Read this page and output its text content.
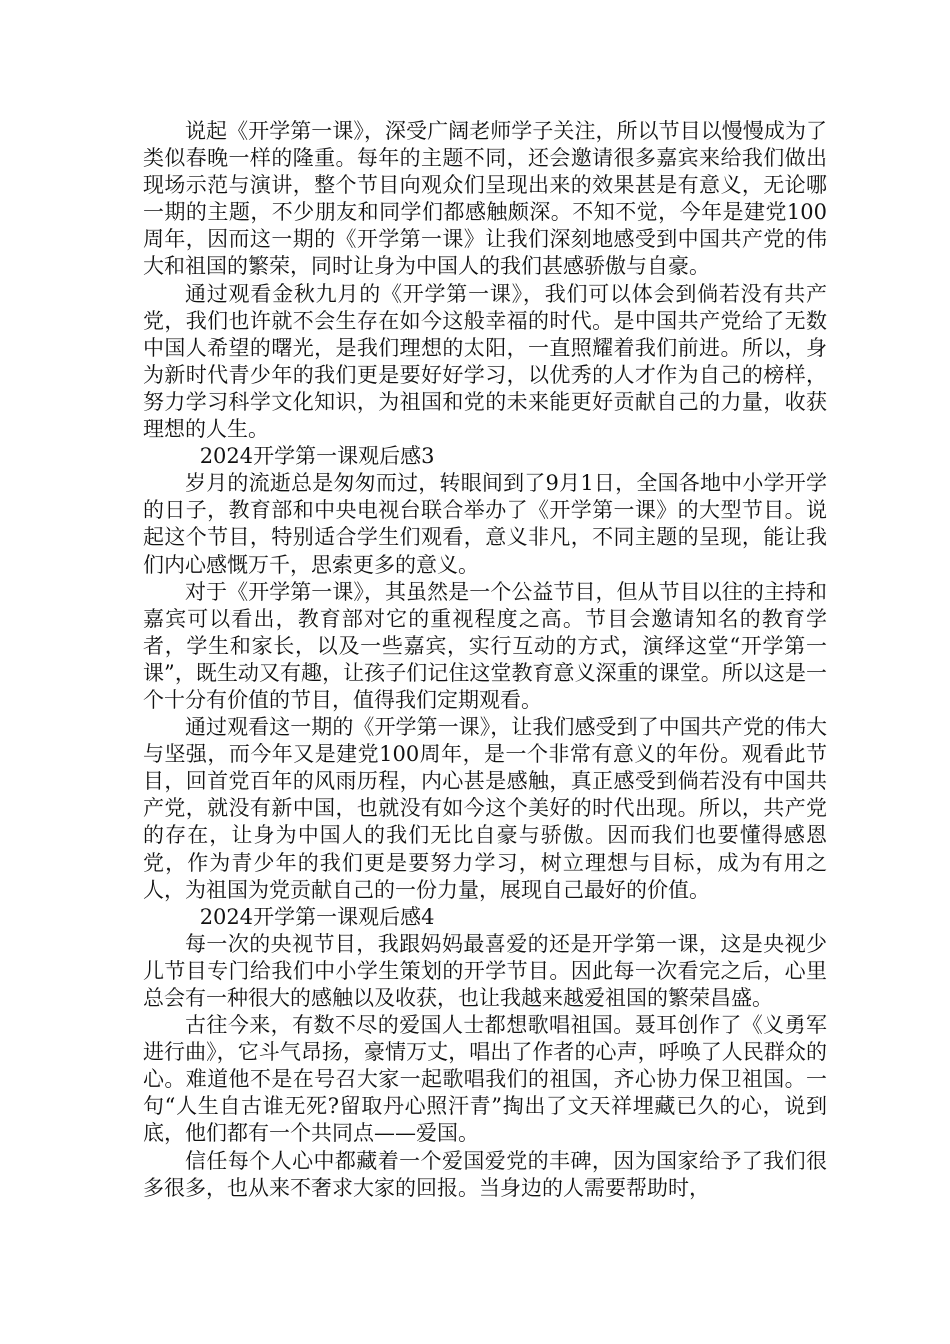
说起《开学第一课》，深受广阔老师学子关注，所以节目以慢慢成为了类似春晚一样的隆重。每年的主题不同，还会邀请很多嘉宾来给我们做出现场示范与演讲，整个节目向观众们呈现出来的效果甚是有意义，无论哪一期的主题，不少朋友和同学们都感触颇深。不知不觉，今年是建党100周年，因而这一期的《开学第一课》让我们深刻地感受到中国共产党的伟大和祖国的繁荣，同时让身为中国人的我们甚感骄傲与自豪。

通过观看金秋九月的《开学第一课》，我们可以体会到倘若没有共产党，我们也许就不会生存在如今这般幸福的时代。是中国共产党给了无数中国人希望的曙光，是我们理想的太阳，一直照耀着我们前进。所以，身为新时代青少年的我们更是要好好学习，以优秀的人才作为自己的榜样，努力学习科学文化知识，为祖国和党的未来能更好贡献自己的力量，收获理想的人生。

2024开学第一课观后感3

岁月的流逝总是匆匆而过，转眼间到了9月1日，全国各地中小学开学的日子，教育部和中央电视台联合举办了《开学第一课》的大型节目。说起这个节目，特别适合学生们观看，意义非凡，不同主题的呈现，能让我们内心感慨万千，思索更多的意义。

对于《开学第一课》，其虽然是一个公益节目，但从节目以往的主持和嘉宾可以看出，教育部对它的重视程度之高。节目会邀请知名的教育学者，学生和家长，以及一些嘉宾，实行互动的方式，演绎这堂“开学第一课”，既生动又有趣，让孩子们记住这堂教育意义深重的课堂。所以这是一个十分有价值的节目，值得我们定期观看。

通过观看这一期的《开学第一课》，让我们感受到了中国共产党的伟大与坚强，而今年又是建党100周年，是一个非常有意义的年份。观看此节目，回首党百年的风雨历程，内心甚是感触，真正感受到倘若没有中国共产党，就没有新中国，也就没有如今这个美好的时代出现。所以，共产党的存在，让身为中国人的我们无比自豪与骄傲。因而我们也要懂得感恩党，作为青少年的我们更是要努力学习，树立理想与目标，成为有用之人，为祖国为党贡献自己的一份力量，展现自己最好的价值。

2024开学第一课观后感4

每一次的央视节目，我跟妈妈最喜爱的还是开学第一课，这是央视少儿节目专门给我们中小学生策划的开学节目。因此每一次看完之后，心里总会有一种很大的感触以及收获，也让我越来越爱祖国的繁荣昌盛。

古往今来，有数不尽的爱国人士都想歌唱祖国。聂耳创作了《义勇军进行曲》，它斗气昂扬，豪情万丈，唱出了作者的心声，呼唤了人民群众的心。难道他不是在号召大家一起歌唱我们的祖国，齐心协力保卫祖国。一句“人生自古谁无死?留取丹心照汗青”掏出了文天祥埋藏已久的心，说到底，他们都有一个共同点——爱国。

信任每个人心中都藏着一个爱国爱党的丰碑，因为国家给予了我们很多很多，也从来不奢求大家的回报。当身边的人需要帮助时，
